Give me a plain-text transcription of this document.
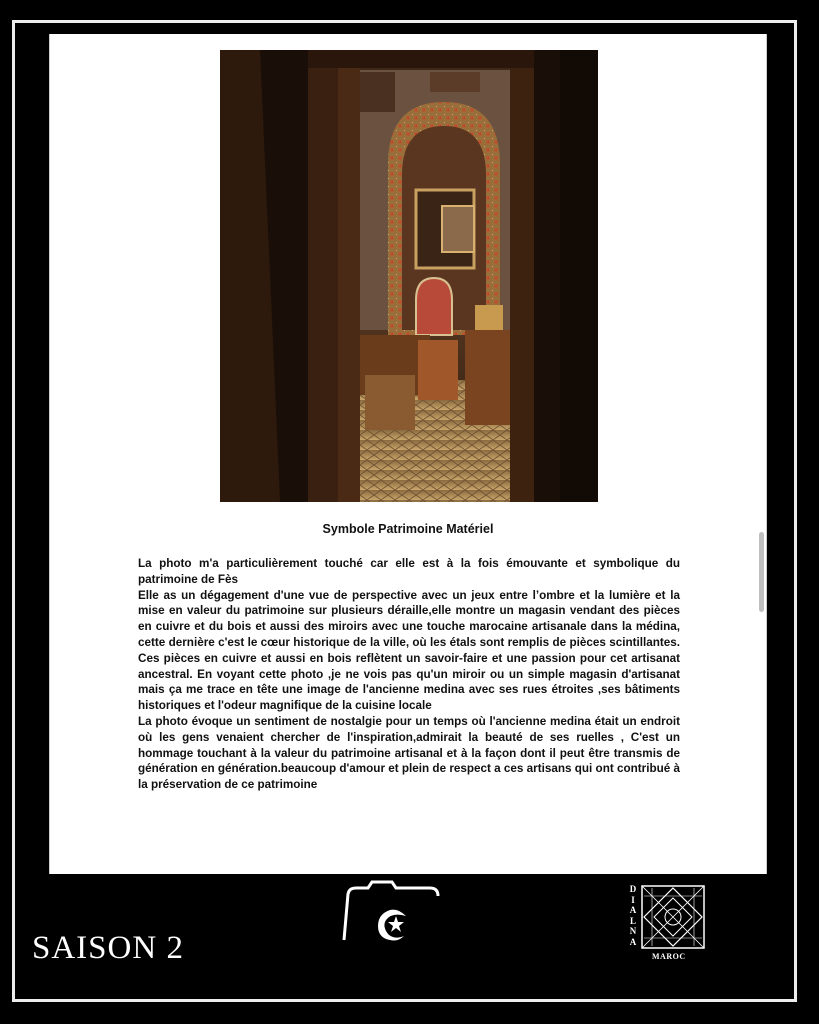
Symbole Patrimoine Matériel

La photo m'a particulièrement touché car elle est à la fois émouvante et symbolique du patrimoine de Fès

Elle as un dégagement d'une vue de perspective avec un jeux entre l’ombre et la lumière et la mise en valeur du patrimoine sur plusieurs déraille,elle montre un magasin vendant des pièces en cuivre et du bois et aussi des miroirs avec une touche marocaine artisanale dans la médina, cette dernière c'est le cœur historique de la ville, où les étals sont remplis de pièces scintillantes. Ces pièces en cuivre et aussi en bois reflètent un savoir-faire et une passion pour cet artisanat ancestral. En voyant cette photo ,je ne vois pas qu'un miroir ou un simple magasin d'artisanat mais ça me trace en tête une image de l'ancienne medina avec ses rues étroites ,ses bâtiments historiques et l'odeur magnifique de la cuisine locale

La photo évoque un sentiment de nostalgie pour un temps où l'ancienne medina était un endroit où les gens venaient chercher de l'inspiration,admirait la beauté de ses ruelles , C'est un hommage touchant à la valeur du patrimoine artisanal et à la façon dont il peut être transmis de génération en génération.beaucoup d'amour et plein de respect a ces artisans qui ont contribué à la préservation de ce patrimoine

SAISON 2
D
I
A
L
N
A
MAROC
